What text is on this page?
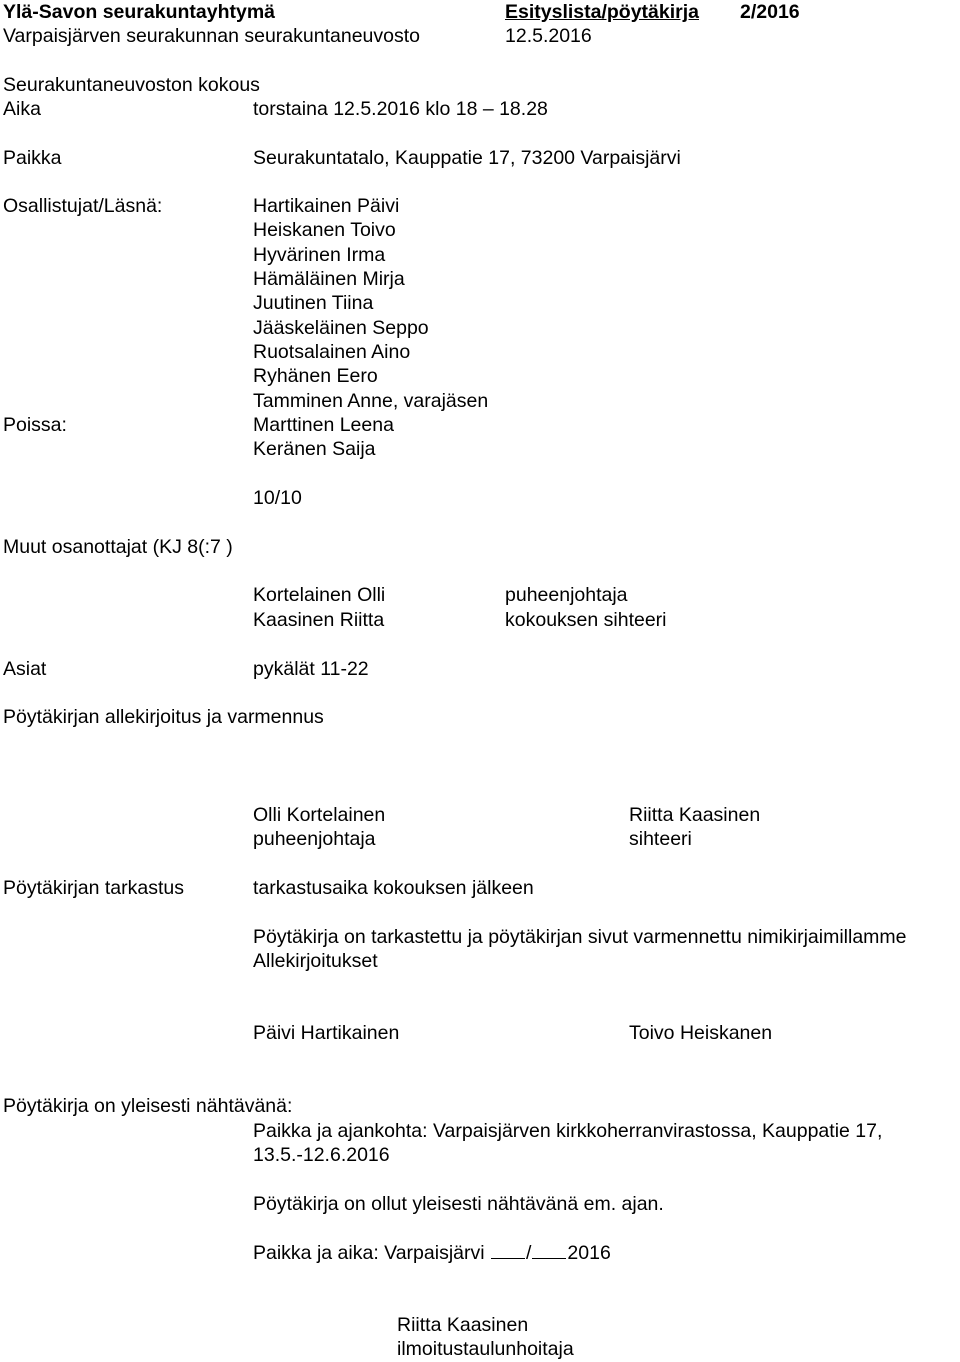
Ylä-Savon seurakuntayhtymä	Esityslista/pöytäkirja 2/2016
Varpaisjärven seurakunnan seurakuntaneuvosto	12.5.2016
Seurakuntaneuvoston kokous
Aika	torstaina 12.5.2016 klo 18 – 18.28
Paikka	Seurakuntatalo, Kauppatie 17, 73200 Varpaisjärvi
Osallistujat/Läsnä:	Hartikainen Päivi
Heiskanen Toivo
Hyvärinen Irma
Hämäläinen Mirja
Juutinen Tiina
Jääskeläinen Seppo
Ruotsalainen Aino
Ryhänen Eero
Tamminen Anne, varajäsen
Poissa:	Marttinen Leena
Keränen Saija
10/10
Muut osanottajat (KJ 8(:7 )
Kortelainen Olli	puheenjohtaja
Kaasinen Riitta	kokouksen sihteeri
Asiat	pykälät 11-22
Pöytäkirjan allekirjoitus ja varmennus
Olli Kortelainen	Riitta Kaasinen
puheenjohtaja	sihteeri
Pöytäkirjan tarkastus	tarkastusaika kokouksen jälkeen
Pöytäkirja on tarkastettu ja pöytäkirjan sivut varmennettu nimikirjaimillamme
Allekirjoitukset
Päivi Hartikainen	Toivo Heiskanen
Pöytäkirja on yleisesti nähtävänä:
Paikka ja ajankohta: Varpaisjärven kirkkoherranvirastossa, Kauppatie 17,
13.5.-12.6.2016
Pöytäkirja on ollut yleisesti nähtävänä em. ajan.
Paikka ja aika: Varpaisjärvi / 2016
Riitta Kaasinen
ilmoitustaulunhoitaja
